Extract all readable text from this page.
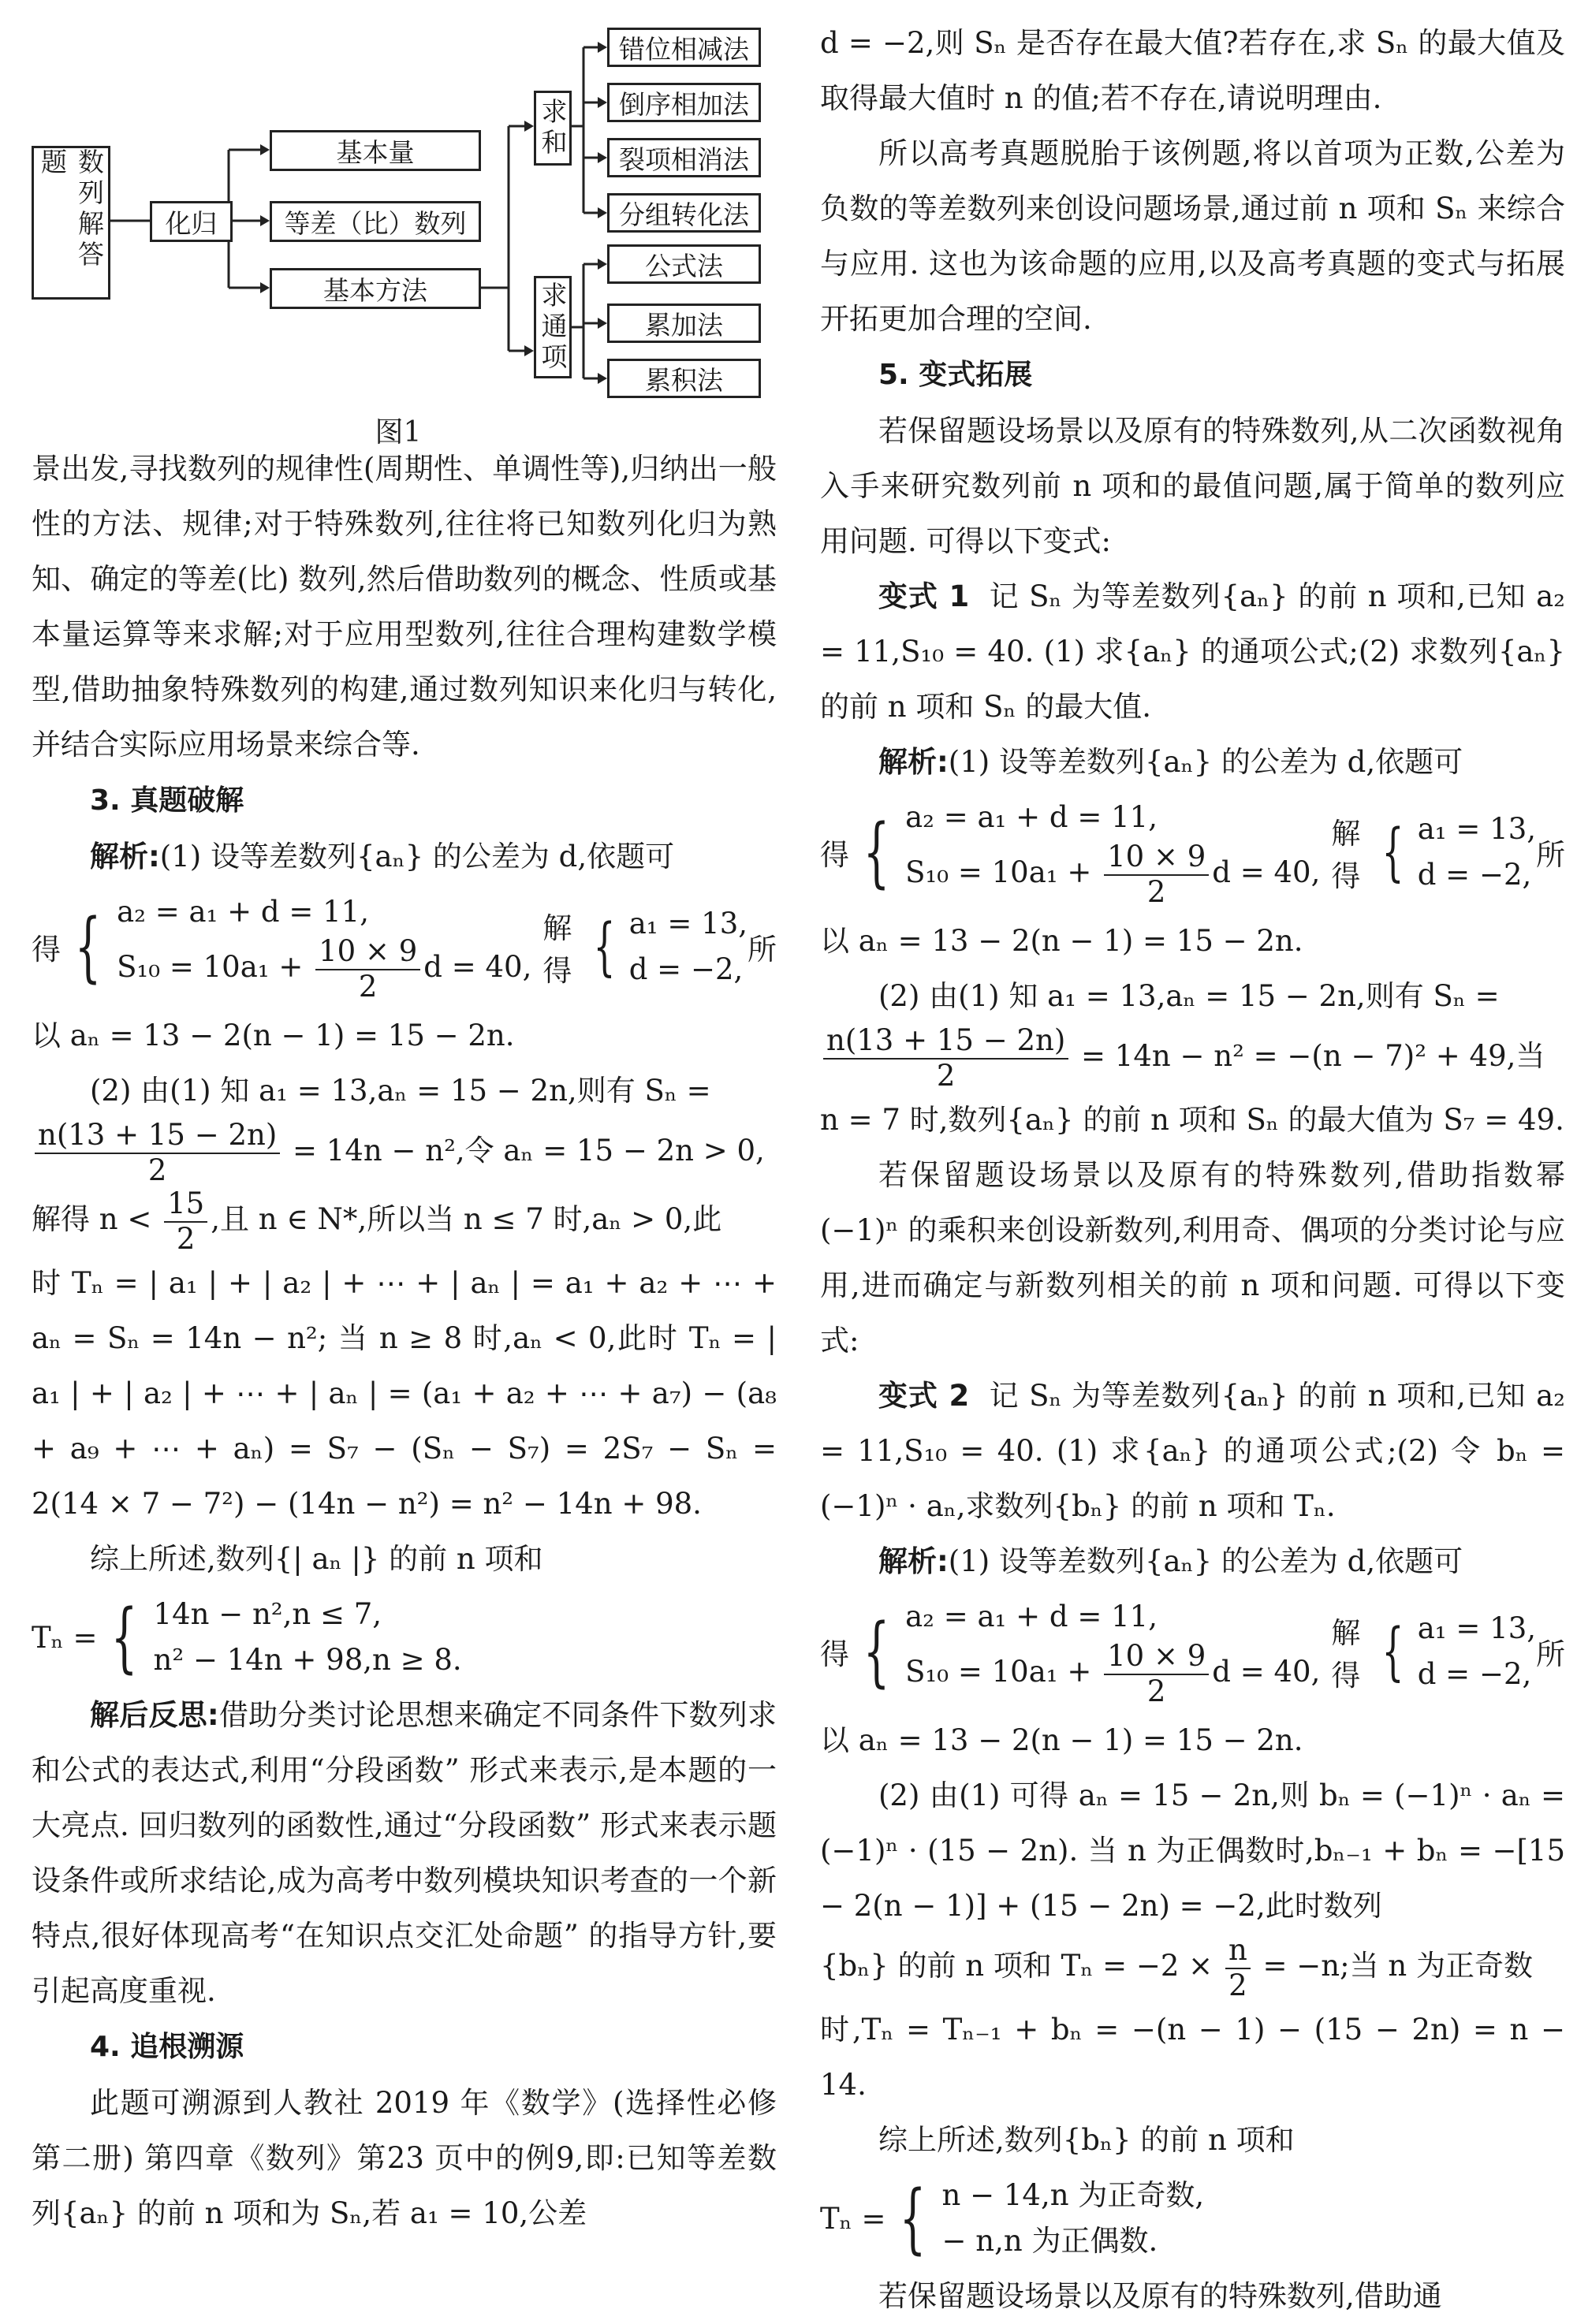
数列解答题
化归
基本量
等差（比）数列
基本方法
求和
求通项
错位相减法
倒序相加法
裂项相消法
分组转化法
公式法
累加法
累积法
图1

景出发,寻找数列的规律性(周期性、单调性等),归纳出一般性的方法、规律;对于特殊数列,往往将已知数列化归为熟知、确定的等差(比) 数列,然后借助数列的概念、性质或基本量运算等来求解;对于应用型数列,往往合理构建数学模型,借助抽象特殊数列的构建,通过数列知识来化归与转化,并结合实际应用场景来综合等.

3. 真题破解

解析:(1) 设等差数列{aₙ} 的公差为 d,依题可

得 { a₂ = a₁ + d = 11,
$S_{10} = 10a_1 + \frac{10 \times 9}{2}$ d = 40,
解 得 { a₁ = 13,
d = −2,
所

以 aₙ = 13 − 2(n − 1) = 15 − 2n.

(2) 由(1) 知 a₁ = 13,aₙ = 15 − 2n,则有 Sₙ =

$\frac{n(13 + 15 - 2n)}{2} = 14n - n^2$,令 aₙ = 15 − 2n > 0,

解得 $n < \frac{15}{2}$ ,且 n ∈ N*,所以当 n ≤ 7 时,aₙ > 0,此

时 Tₙ = | a₁ | + | a₂ | + ⋯ + | aₙ | = a₁ + a₂ + ⋯ + aₙ = Sₙ = 14n − n²; 当 n ≥ 8 时,aₙ < 0,此时 Tₙ = | a₁ | + | a₂ | + ⋯ + | aₙ | = (a₁ + a₂ + ⋯ + a₇) − (a₈ + a₉ + ⋯ + aₙ) = S₇ − (Sₙ − S₇) = 2S₇ − Sₙ = 2(14 × 7 − 7²) − (14n − n²) = n² − 14n + 98.

综上所述,数列{| aₙ |} 的前 n 项和

Tₙ = { 14n − n²,n ≤ 7,
n² − 14n + 98,n ≥ 8.

解后反思:借助分类讨论思想来确定不同条件下数列求和公式的表达式,利用“分段函数” 形式来表示,是本题的一大亮点. 回归数列的函数性,通过“分段函数” 形式来表示题设条件或所求结论,成为高考中数列模块知识考查的一个新特点,很好体现高考“在知识点交汇处命题” 的指导方针,要引起高度重视.

4. 追根溯源

此题可溯源到人教社 2019 年《数学》(选择性必修第二册) 第四章《数列》第23 页中的例9,即:已知等差数列{aₙ} 的前 n 项和为 Sₙ,若 a₁ = 10,公差

d = −2,则 Sₙ 是否存在最大值?若存在,求 Sₙ 的最大值及取得最大值时 n 的值;若不存在,请说明理由.

所以高考真题脱胎于该例题,将以首项为正数,公差为负数的等差数列来创设问题场景,通过前 n 项和 Sₙ 来综合与应用. 这也为该命题的应用,以及高考真题的变式与拓展开拓更加合理的空间.

5. 变式拓展

若保留题设场景以及原有的特殊数列,从二次函数视角入手来研究数列前 n 项和的最值问题,属于简单的数列应用问题. 可得以下变式:

变式 1 记 Sₙ 为等差数列{aₙ} 的前 n 项和,已知 a₂ = 11,S₁₀ = 40. (1) 求{aₙ} 的通项公式;(2) 求数列{aₙ} 的前 n 项和 Sₙ 的最大值.

解析:(1) 设等差数列{aₙ} 的公差为 d,依题可

得 { a₂ = a₁ + d = 11,
$S_{10} = 10a_1 + \frac{10 \times 9}{2}$ d = 40,
解 得 { a₁ = 13,
d = −2,
所

以 aₙ = 13 − 2(n − 1) = 15 − 2n.

(2) 由(1) 知 a₁ = 13,aₙ = 15 − 2n,则有 Sₙ =

$\frac{n(13 + 15 - 2n)}{2} = 14n - n^2 = -(n - 7)^2 + 49$,当

n = 7 时,数列{aₙ} 的前 n 项和 Sₙ 的最大值为 S₇ = 49.

若保留题设场景以及原有的特殊数列,借助指数幂(−1)ⁿ 的乘积来创设新数列,利用奇、偶项的分类讨论与应用,进而确定与新数列相关的前 n 项和问题. 可得以下变式:

变式 2 记 Sₙ 为等差数列{aₙ} 的前 n 项和,已知 a₂ = 11,S₁₀ = 40. (1) 求{aₙ} 的通项公式;(2) 令 bₙ = (−1)ⁿ · aₙ,求数列{bₙ} 的前 n 项和 Tₙ.

解析:(1) 设等差数列{aₙ} 的公差为 d,依题可

得 { a₂ = a₁ + d = 11,
$S_{10} = 10a_1 + \frac{10 \times 9}{2}$ d = 40,
解 得 { a₁ = 13,
d = −2,
所

以 aₙ = 13 − 2(n − 1) = 15 − 2n.

(2) 由(1) 可得 aₙ = 15 − 2n,则 bₙ = (−1)ⁿ · aₙ = (−1)ⁿ · (15 − 2n). 当 n 为正偶数时,bₙ₋₁ + bₙ = −[15 − 2(n − 1)] + (15 − 2n) = −2,此时数列

{bₙ} 的前 n 项和 $T_n = -2 \times \frac{n}{2} = -n$;当 n 为正奇数

时,Tₙ = Tₙ₋₁ + bₙ = −(n − 1) − (15 − 2n) = n − 14.

综上所述,数列{bₙ} 的前 n 项和

Tₙ = { n − 14,n 为正奇数,
− n,n 为正偶数.

若保留题设场景以及原有的特殊数列,借助通
